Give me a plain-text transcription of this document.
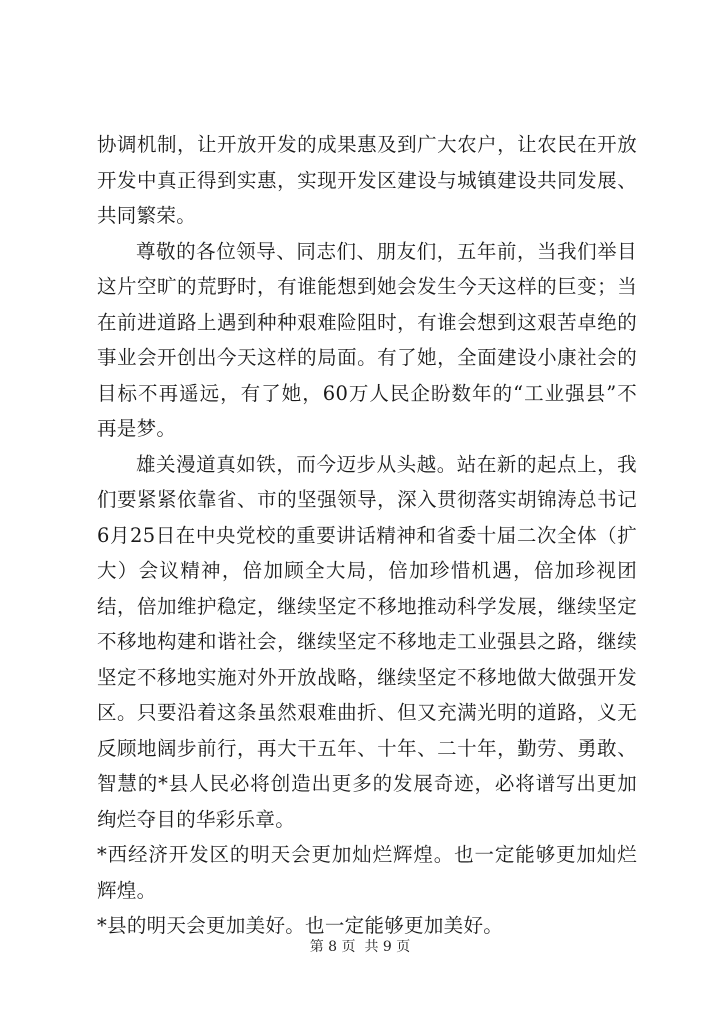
协调机制，让开放开发的成果惠及到广大农户，让农民在开放开发中真正得到实惠，实现开发区建设与城镇建设共同发展、共同繁荣。

尊敬的各位领导、同志们、朋友们，五年前，当我们举目这片空旷的荒野时，有谁能想到她会发生今天这样的巨变；当在前进道路上遇到种种艰难险阻时，有谁会想到这艰苦卓绝的事业会开创出今天这样的局面。有了她，全面建设小康社会的目标不再遥远，有了她，60万人民企盼数年的“工业强县”不再是梦。

雄关漫道真如铁，而今迈步从头越。站在新的起点上，我们要紧紧依靠省、市的坚强领导，深入贯彻落实胡锦涛总书记6月25日在中央党校的重要讲话精神和省委十届二次全体（扩大）会议精神，倍加顾全大局，倍加珍惜机遇，倍加珍视团结，倍加维护稳定，继续坚定不移地推动科学发展，继续坚定不移地构建和谐社会，继续坚定不移地走工业强县之路，继续坚定不移地实施对外开放战略，继续坚定不移地做大做强开发区。只要沿着这条虽然艰难曲折、但又充满光明的道路，义无反顾地阔步前行，再大干五年、十年、二十年，勤劳、勇敢、智慧的*县人民必将创造出更多的发展奇迹，必将谱写出更加绚烂夺目的华彩乐章。

*西经济开发区的明天会更加灿烂辉煌。也一定能够更加灿烂辉煌。

*县的明天会更加美好。也一定能够更加美好。

第 8 页  共 9 页
